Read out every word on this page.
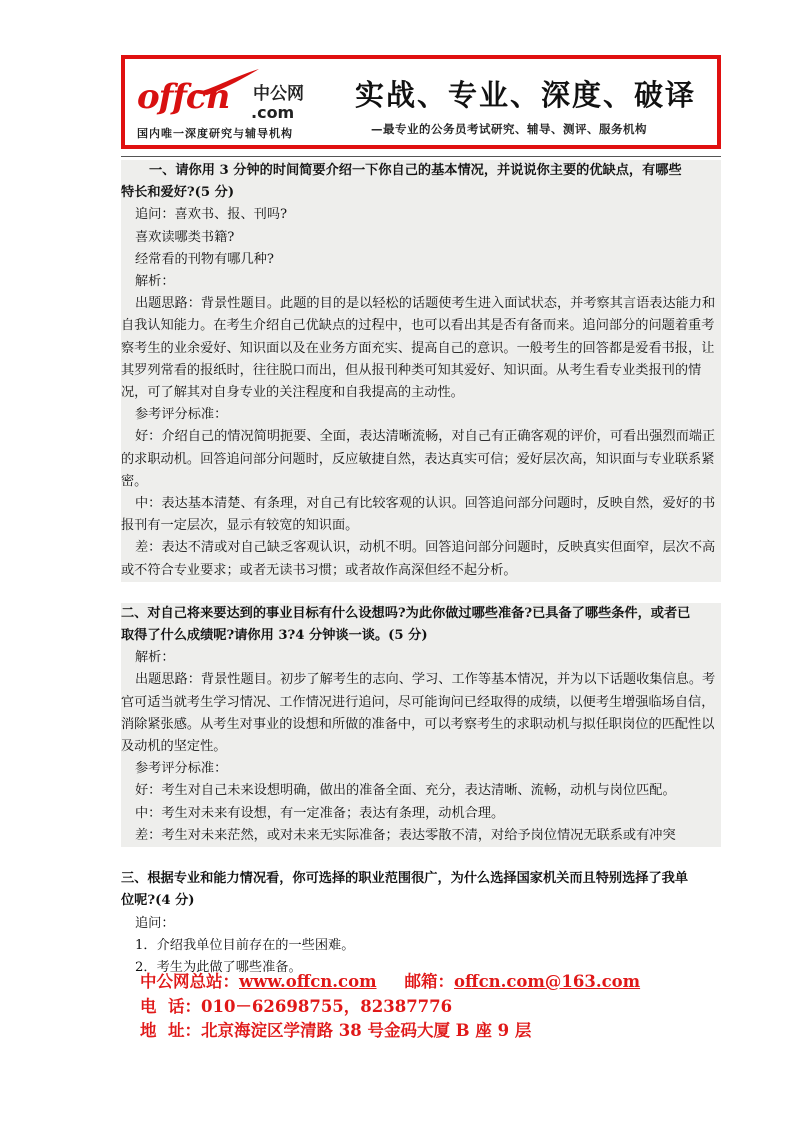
offcn 中公网
.com
国内唯一深度研究与辅导机构
实战、专业、深度、破译
—最专业的公务员考试研究、辅导、测评、服务机构

一、请你用 3 分钟的时间简要介绍一下你自己的基本情况，并说说你主要的优缺点，有哪些

特长和爱好?(5 分)

追问：喜欢书、报、刊吗?

喜欢读哪类书籍?

经常看的刊物有哪几种?

解析：

出题思路：背景性题目。此题的目的是以轻松的话题使考生进入面试状态，并考察其言语表达能力和自我认知能力。在考生介绍自己优缺点的过程中，也可以看出其是否有备而来。追问部分的问题着重考察考生的业余爱好、知识面以及在业务方面充实、提高自己的意识。一般考生的回答都是爱看书报，让其罗列常看的报纸时，往往脱口而出，但从报刊种类可知其爱好、知识面。从考生看专业类报刊的情况，可了解其对自身专业的关注程度和自我提高的主动性。

参考评分标准：

好：介绍自己的情况简明扼要、全面，表达清晰流畅，对自己有正确客观的评价，可看出强烈而端正的求职动机。回答追问部分问题时，反应敏捷自然，表达真实可信；爱好层次高，知识面与专业联系紧密。

中：表达基本清楚、有条理，对自己有比较客观的认识。回答追问部分问题时，反映自然，爱好的书报刊有一定层次，显示有较宽的知识面。

差：表达不清或对自己缺乏客观认识，动机不明。回答追问部分问题时，反映真实但面窄，层次不高或不符合专业要求；或者无读书习惯；或者故作高深但经不起分析。

二、对自己将来要达到的事业目标有什么设想吗?为此你做过哪些准备?已具备了哪些条件，或者已

取得了什么成绩呢?请你用 3?4 分钟谈一谈。(5 分)

解析：

出题思路：背景性题目。初步了解考生的志向、学习、工作等基本情况，并为以下话题收集信息。考官可适当就考生学习情况、工作情况进行追问，尽可能询问已经取得的成绩，以便考生增强临场自信，消除紧张感。从考生对事业的设想和所做的准备中，可以考察考生的求职动机与拟任职岗位的匹配性以及动机的坚定性。

参考评分标准：

好：考生对自己未来设想明确，做出的准备全面、充分，表达清晰、流畅，动机与岗位匹配。

中：考生对未来有设想，有一定准备；表达有条理，动机合理。

差：考生对未来茫然，或对未来无实际准备；表达零散不清，对给予岗位情况无联系或有冲突

三、根据专业和能力情况看，你可选择的职业范围很广，为什么选择国家机关而且特别选择了我单

位呢?(4 分)

追问：

1．介绍我单位目前存在的一些困难。

2．考生为此做了哪些准备。

中公网总站：www.offcn.com 邮箱：offcn.com@163.com
电  话：010－62698755，82387776
地  址：北京海淀区学清路 38 号金码大厦 B 座 9 层
